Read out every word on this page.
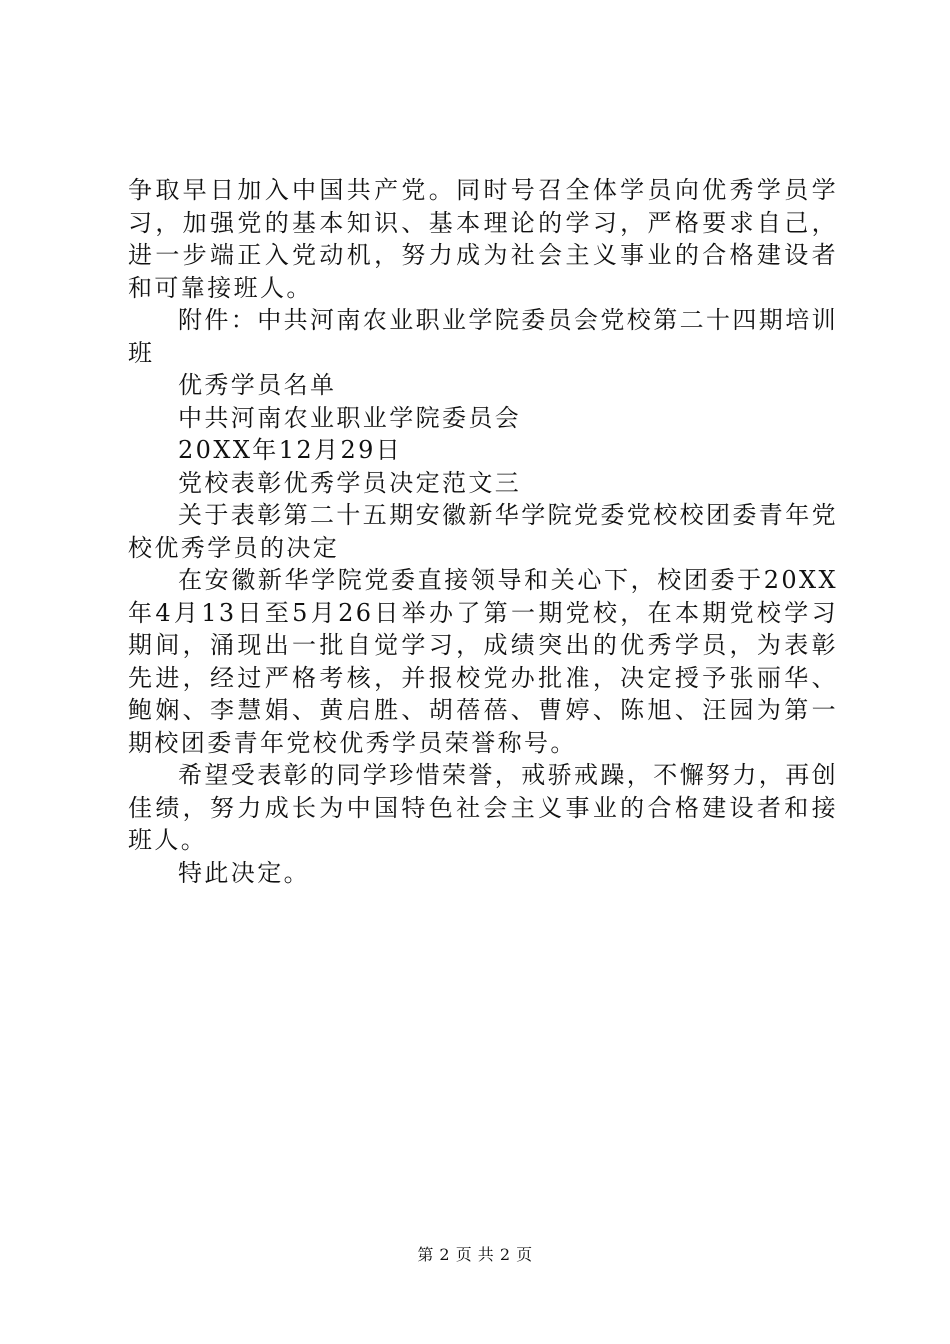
争取早日加入中国共产党。同时号召全体学员向优秀学员学习，加强党的基本知识、基本理论的学习，严格要求自己，进一步端正入党动机，努力成为社会主义事业的合格建设者和可靠接班人。

附件：中共河南农业职业学院委员会党校第二十四期培训班

优秀学员名单

中共河南农业职业学院委员会

20XX年12月29日

党校表彰优秀学员决定范文三

关于表彰第二十五期安徽新华学院党委党校校团委青年党校优秀学员的决定

在安徽新华学院党委直接领导和关心下，校团委于20XX年4月13日至5月26日举办了第一期党校，在本期党校学习期间，涌现出一批自觉学习，成绩突出的优秀学员，为表彰先进，经过严格考核，并报校党办批准，决定授予张丽华、鲍娴、李慧娟、黄启胜、胡蓓蓓、曹婷、陈旭、汪园为第一期校团委青年党校优秀学员荣誉称号。

希望受表彰的同学珍惜荣誉，戒骄戒躁，不懈努力，再创佳绩，努力成长为中国特色社会主义事业的合格建设者和接班人。

特此决定。

第 2 页 共 2 页
